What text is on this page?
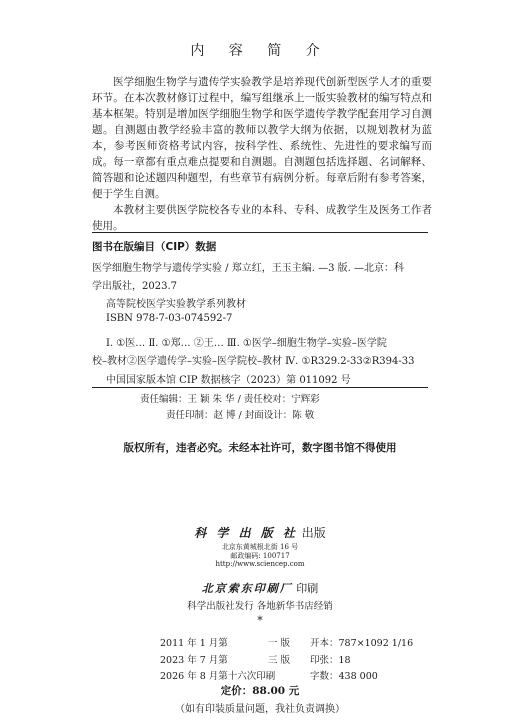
内 容 简 介

医学细胞生物学与遗传学实验教学是培养现代创新型医学人才的重要环节。在本次教材修订过程中，编写组继承上一版实验教材的编写特点和基本框架。特别是增加医学细胞生物学和医学遗传学教学配套用学习自测题。自测题由教学经验丰富的教师以教学大纲为依据，以规划教材为蓝本，参考医师资格考试内容，按科学性、系统性、先进性的要求编写而成。每一章都有重点难点提要和自测题。自测题包括选择题、名词解释、简答题和论述题四种题型，有些章节有病例分析。每章后附有参考答案，便于学生自测。

本教材主要供医学院校各专业的本科、专科、成教学生及医务工作者使用。

图书在版编目（CIP）数据
医学细胞生物学与遗传学实验 / 郑立红，王玉主编. —3 版. —北京：科
学出版社，2023.7
高等院校医学实验教学系列教材
ISBN 978-7-03-074592-7
Ⅰ. ①医… Ⅱ. ①郑… ②王… Ⅲ. ①医学–细胞生物学–实验–医学院
校–教材②医学遗传学–实验–医学院校–教材 Ⅳ. ①R329.2-33②R394-33
中国国家版本馆 CIP 数据核字（2023）第 011092 号
责任编辑：王 颖 朱 华 / 责任校对：宁辉彩
责任印制：赵 博 / 封面设计：陈 敬
版权所有，违者必究。未经本社许可，数字图书馆不得使用
科 学 出 版 社 出版
北京东黄城根北街 16 号
邮政编码: 100717
http://www.sciencep.com
北京索东印刷厂 印刷
科学出版社发行 各地新华书店经销
*
2011 年 1 月第	一 版 开本：787×1092 1/16
2023 年 7 月第	三 版 印张：18
2026 年 8 月第十六次印刷	字数：438 000
定价：88.00 元
（如有印装质量问题，我社负责调换）
